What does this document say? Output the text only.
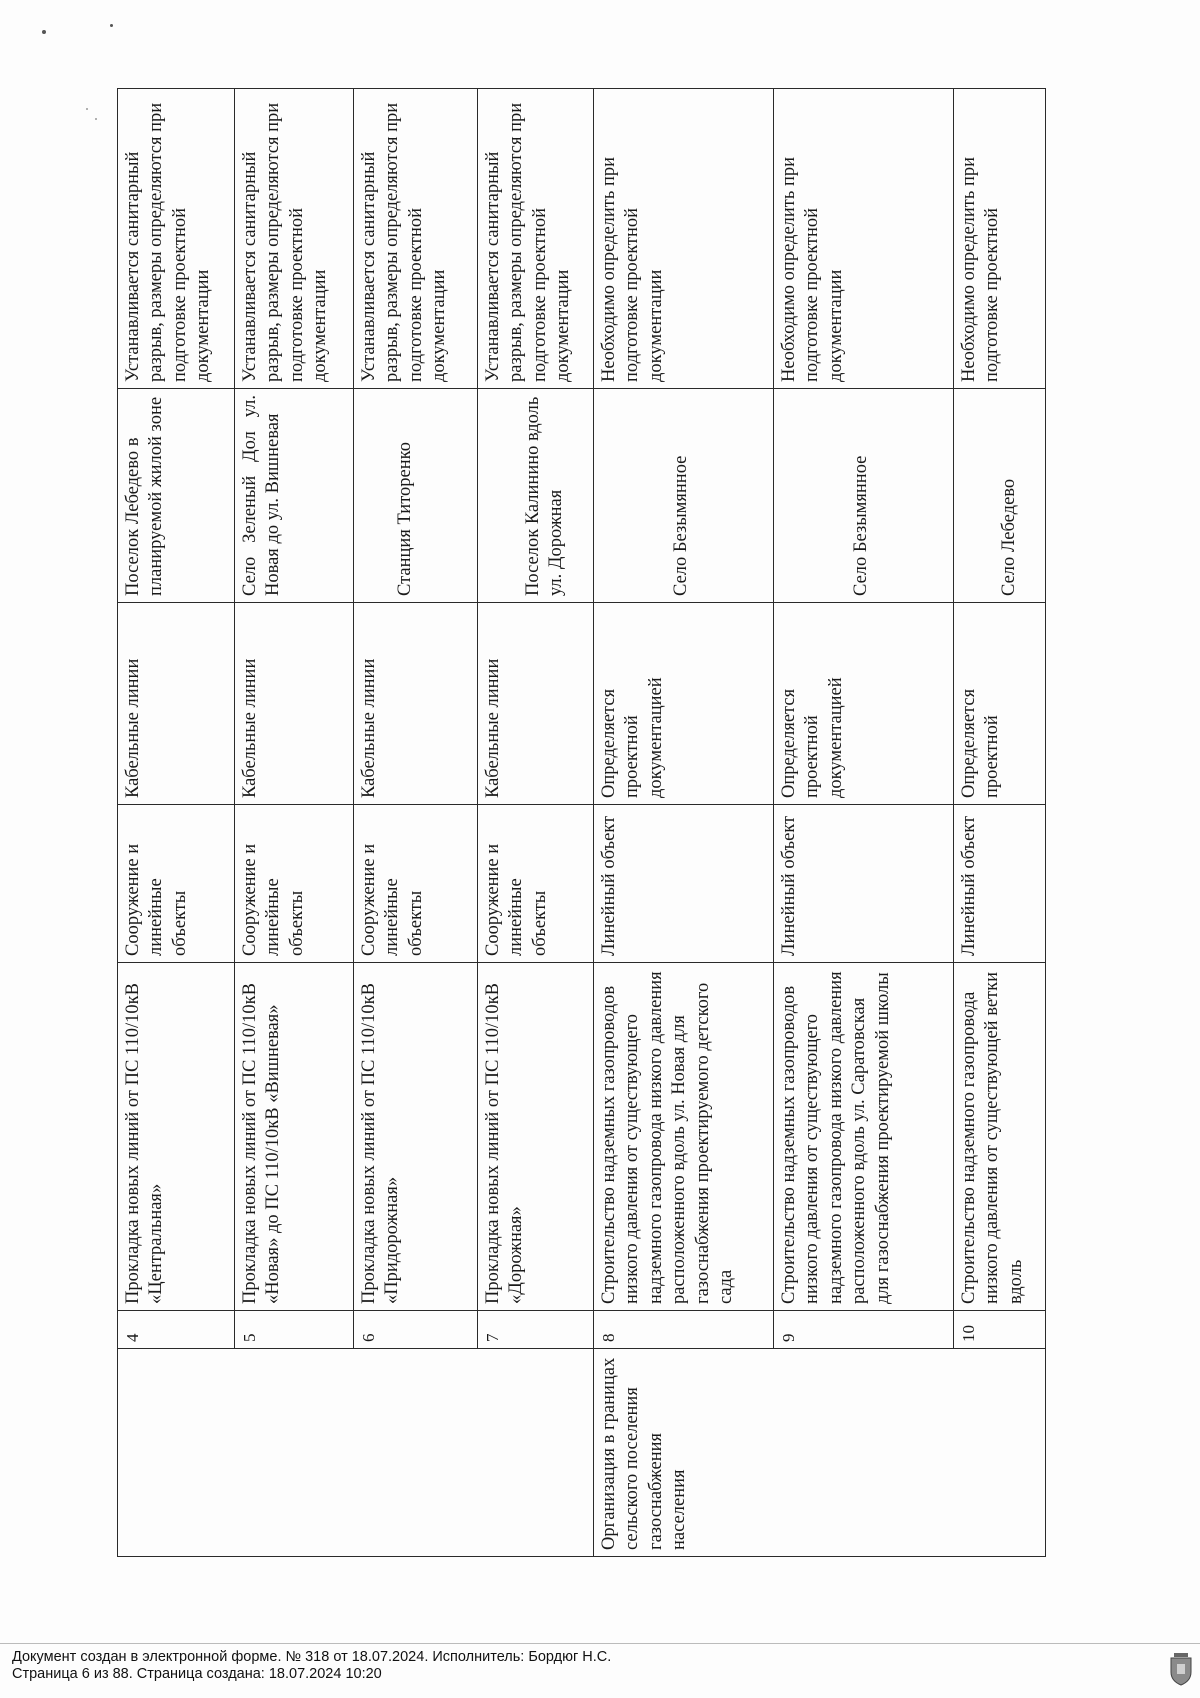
	4	Прокладка новых линий от ПС 110/10кВ «Центральная»	Сооружение и линейные объекты	Кабельные линии	Поселок Лебедево в планируемой жилой зоне	Устанавливается санитарный разрыв, размеры определяются при подготовке проектной документации
	5	Прокладка новых линий от ПС 110/10кВ «Новая» до ПС 110/10кВ «Вишневая»	Сооружение и линейные объекты	Кабельные линии	Село Зеленый Дол ул. Новая до ул. Вишневая	Устанавливается санитарный разрыв, размеры определяются при подготовке проектной документации
	6	Прокладка новых линий от ПС 110/10кВ «Придорожная»	Сооружение и линейные объекты	Кабельные линии	Станция Титоренко	Устанавливается санитарный разрыв, размеры определяются при подготовке проектной документации
	7	Прокладка новых линий от ПС 110/10кВ «Дорожная»	Сооружение и линейные объекты	Кабельные линии	Поселок Калинино вдоль ул. Дорожная	Устанавливается санитарный разрыв, размеры определяются при подготовке проектной документации
Организация в границах сельского поселения газоснабжения населения	8	Строительство надземных газопроводов низкого давления от существующего надземного газопровода низкого давления расположенного вдоль ул. Новая для газоснабжения проектируемого детского сада	Линейный объект	Определяется проектной документацией	Село Безымянное	Необходимо определить при подготовке проектной документации
	9	Строительство надземных газопроводов низкого давления от существующего надземного газопровода низкого давления расположенного вдоль ул. Саратовская для газоснабжения проектируемой школы	Линейный объект	Определяется проектной документацией	Село Безымянное	Необходимо определить при подготовке проектной документации
	10	Строительство надземного газопровода низкого давления от существующей ветки вдоль	Линейный объект	Определяется проектной	Село Лебедево	Необходимо определить при подготовке проектной
Документ создан в электронной форме. № 318 от 18.07.2024. Исполнитель: Бордюг Н.С.
Страница 6 из 88. Страница создана: 18.07.2024 10:20
